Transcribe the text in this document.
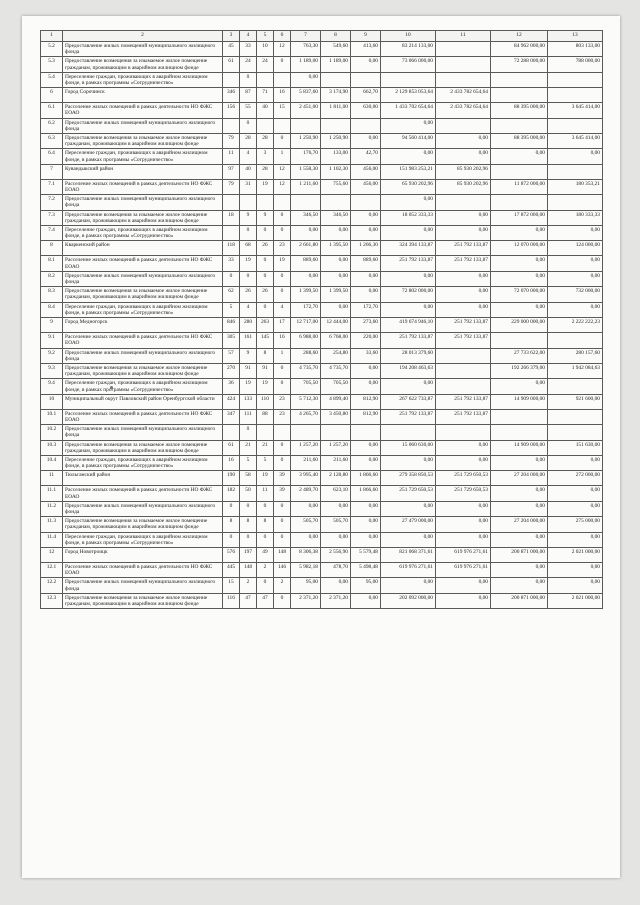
1	2	3	4	5	6	7	8	9	10	11	12	13
5.2	Предоставление жилых помещений муниципального жилищного фонда	45	33	10	12	763,30	549,60	413,60	83 214 133,00		84 962 000,00	803 133,00
5.3	Предоставление возмещения за изымаемое жилое помещение гражданам, проживающим в аварийном жилищном фонде	61	24	24	0	1 189,00	1 189,00	0,00	73 066 000,00		72 288 000,00	788 000,00
5.4	Переселение граждан, проживающих в аварийном жилищном фонде, в рамках программы «Сотрудничество»		0			0,00						
6	Город Сорочинск	346	87	71	16	5 837,60	3 174,90	662,70	2 129 853 053,64	2 433 782 654,64		
6.1	Расселение жилых помещений в рамках деятельности НО ФЖС ЕОАО	156	55	40	15	2 451,00	1 811,00	630,00	1 433 702 654,64	2 433 782 654,64	88 395 000,00	3 645 414,00
6.2	Предоставление жилых помещений муниципального жилищного фонда		0						0,00			
6.3	Предоставление возмещения за изымаемое жилое помещение гражданам, проживающим в аварийном жилищном фонде	79	28	28	0	1 250,90	1 250,90	0,00	94 560 414,00	0,00	88 395 000,00	3 645 414,00
6.4	Переселение граждан, проживающих в аварийном жилищном фонде, в рамках программы «Сотрудничество»	11	4	3	1	176,70	133,00	42,70	0,00	0,00	0,00	0,00
7	Кувандыкский район	97	40	28	12	1 558,30	1 102,30	456,00	151 983 253,21	85 930 202,96		
7.1	Расселение жилых помещений в рамках деятельности НО ФЖС ЕОАО	79	31	19	12	1 211,60	755,60	456,00	65 930 202,96	85 930 202,96	11 872 000,00	180 353,21
7.2	Предоставление жилых помещений муниципального жилищного фонда								0,00			
7.3	Предоставление возмещения за изымаемое жилое помещение гражданам, проживающим в аварийном жилищном фонде	18	9	9	0	346,50	346,50	0,00	18 052 333,33	0,00	17 872 000,00	180 333,33
7.4	Переселение граждан, проживающих в аварийном жилищном фонде, в рамках программы «Сотрудничество»		0	0	0	0,00	0,00	0,00	0,00	0,00	0,00	0,00
8	Кваркенский район	118	68	26	23	2 661,80	1 395,50	1 266,30	324 394 133,87	251 792 133,87	12 070 000,00	124 000,00
8.1	Расселение жилых помещений в рамках деятельности НО ФЖС ЕОАО	33	19	0	19	889,60	0,00	889,60	251 792 133,87	251 792 133,87	0,00	0,00
8.2	Предоставление жилых помещений муниципального жилищного фонда	0	0	0	0	0,00	0,00	0,00	0,00	0,00	0,00	0,00
8.3	Предоставление возмещения за изымаемое жилое помещение гражданам, проживающим в аварийном жилищном фонде	62	26	26	0	1 399,50	1 399,50	0,00	72 802 000,00	0,00	72 070 000,00	732 000,00
8.4	Переселение граждан, проживающих в аварийном жилищном фонде, в рамках программы «Сотрудничество»	5	4	0	4	172,70	0,00	172,70	0,00	0,00	0,00	0,00
9	Город Медногорск	846	280	263	17	12 717,00	12 444,00	273,60	419 674 946,10	251 792 133,87	229 000 000,00	2 222 222,23
9.1	Расселение жилых помещений в рамках деятельности НО ФЖС ЕОАО	305	161	145	16	6 988,00	6 768,00	220,00	251 792 133,87	251 792 133,87		
9.2	Предоставление жилых помещений муниципального жилищного фонда	57	9	8	1	288,60	254,80	33,60	28 013 379,60		27 733 622,00	280 157,60
9.3	Предоставление возмещения за изымаемое жилое помещение гражданам, проживающим в аварийном жилищном фонде	270	91	91	0	4 735,70	4 735,70	0,00	194 208 463,63		192 266 379,00	1 942 084,63
9.4	Переселение граждан, проживающих в аварийном жилищном фонде, в рамках программы «Сотрудничество»	36	19	19	0	705,50	705,50	0,00	0,00		0,00	
10	Муниципальный округ Павловский район Оренбургской области	424	133	110	23	5 712,30	4 899,40	812,90	267 622 733,87	251 792 133,87	14 909 000,00	921 600,00
10.1	Расселение жилых помещений в рамках деятельности НО ФЖС ЕОАО	347	111	88	23	4 265,70	3 450,80	812,90	251 792 133,87	251 792 133,87		
10.2	Предоставление жилых помещений муниципального жилищного фонда		0									
10.3	Предоставление возмещения за изымаемое жилое помещение гражданам, проживающим в аварийном жилищном фонде	61	21	21	0	1 257,20	1 257,20	0,00	15 060 630,00	0,00	14 909 000,00	151 630,00
10.4	Переселение граждан, проживающих в аварийном жилищном фонде, в рамках программы «Сотрудничество»	16	5	5	0	211,60	211,60	0,00	0,00	0,00	0,00	0,00
11	Тюльганский район	190	58	19	39	3 995,40	2 128,80	1 866,60	279 358 850,53	251 729 650,53	27 204 000,00	272 000,00
11.1	Расселение жилых помещений в рамках деятельности НО ФЖС ЕОАО	182	50	11	39	2 489,70	623,10	1 866,60	251 729 650,53	251 729 650,53	0,00	0,00
11.2	Предоставление жилых помещений муниципального жилищного фонда	0	0	0	0	0,00	0,00	0,00	0,00	0,00	0,00	0,00
11.3	Предоставление возмещения за изымаемое жилое помещение гражданам, проживающим в аварийном жилищном фонде	8	8	8	0	505,70	505,70	0,00	27 479 000,00	0,00	27 204 000,00	275 000,00
11.4	Переселение граждан, проживающих в аварийном жилищном фонде, в рамках программы «Сотрудничество»	0	0	0	0	0,00	0,00	0,00	0,00	0,00	0,00	0,00
12	Город Новотроицк	576	197	49	148	8 306,38	2 556,90	5 579,48	821 068 371,61	619 976 271,61	200 871 000,00	2 021 000,00
12.1	Расселение жилых помещений в рамках деятельности НО ФЖС ЕОАО	445	148	2	146	5 982,18	478,70	5 498,48	619 976 271,61	619 976 271,61	0,00	0,00
12.2	Предоставление жилых помещений муниципального жилищного фонда	15	2	0	2	95,00	0,00	95,00	0,00	0,00	0,00	0,00
12.3	Предоставление возмещения за изымаемое жилое помещение гражданам, проживающим в аварийном жилищном фонде	116	47	47	0	2 371,20	2 371,20	0,00	202 092 000,00	0,00	200 871 000,00	2 021 000,00
